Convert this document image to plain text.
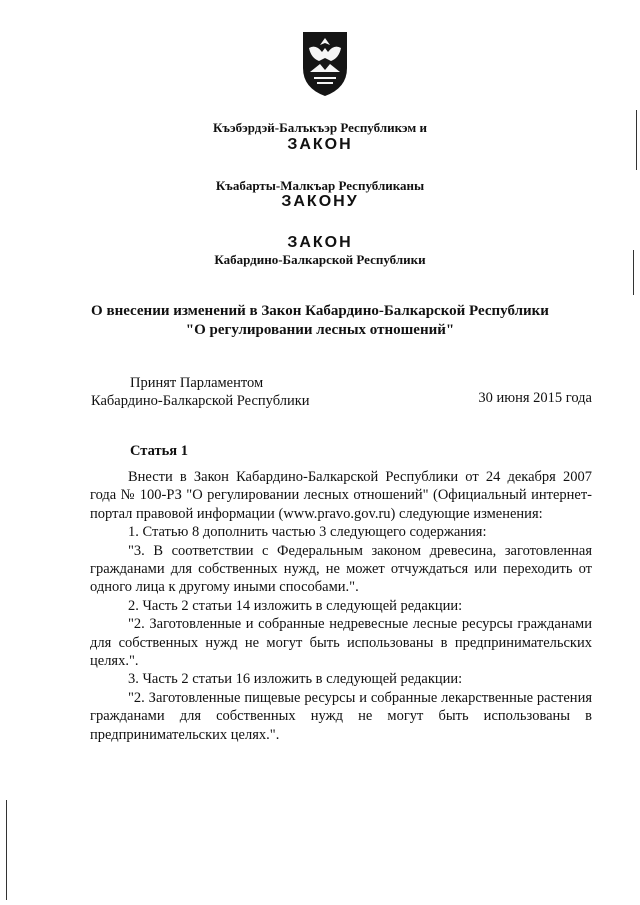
Къэбэрдэй-Балъкъэр Республикэм и
ЗАКОН
Къабарты-Малкъар Республиканы
ЗАКОНУ
ЗАКОН
Кабардино-Балкарской Республики
О внесении изменений в Закон Кабардино-Балкарской Республики
"О регулировании лесных отношений"
Принят Парламентом
Кабардино-Балкарской Республики	30 июня 2015 года
Статья 1

Внести в Закон Кабардино-Балкарской Республики от 24 декабря 2007 года № 100-РЗ "О регулировании лесных отношений" (Официальный интернет-портал правовой информации (www.pravo.gov.ru) следующие изменения:

1. Статью 8 дополнить частью 3 следующего содержания:

"3. В соответствии с Федеральным законом древесина, заготовленная гражданами для собственных нужд, не может отчуждаться или переходить от одного лица к другому иными способами.".

2. Часть 2 статьи 14 изложить в следующей редакции:

"2. Заготовленные и собранные недревесные лесные ресурсы гражданами для собственных нужд не могут быть использованы в предпринимательских целях.".

3. Часть 2 статьи 16 изложить в следующей редакции:

"2. Заготовленные пищевые ресурсы и собранные лекарственные растения гражданами для собственных нужд не могут быть использованы в предпринимательских целях.".
